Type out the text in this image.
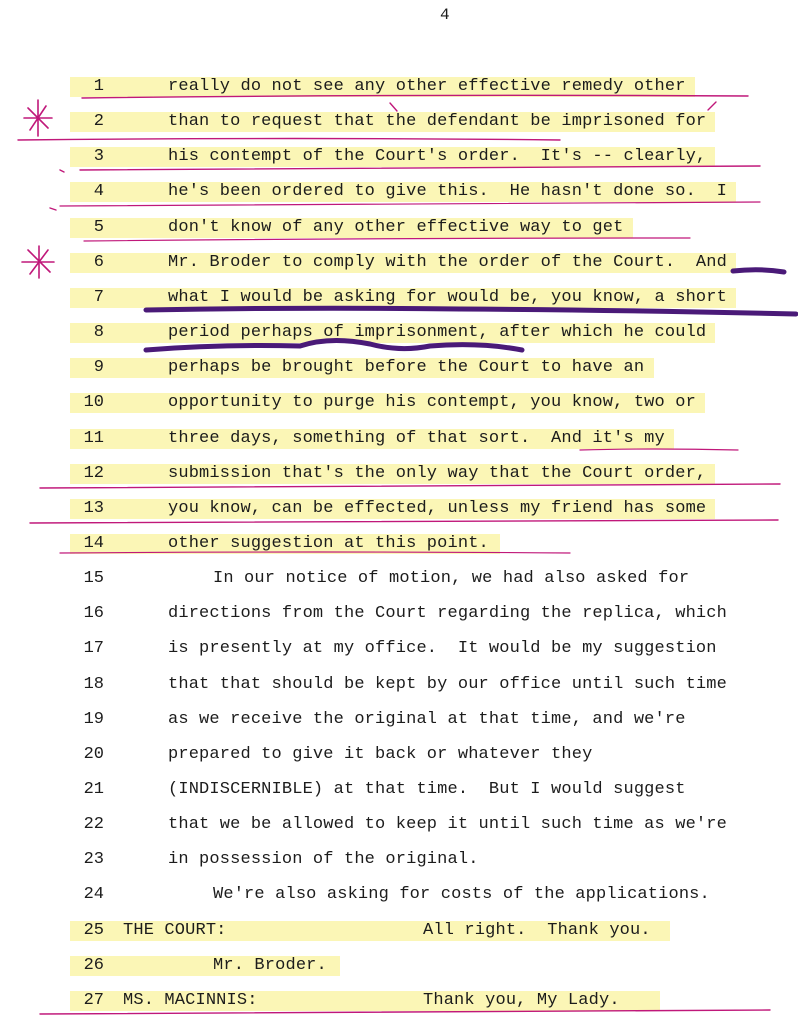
4
1	really do not see any other effective remedy other
2	than to request that the defendant be imprisoned for
3	his contempt of the Court's order.  It's -- clearly,
4	he's been ordered to give this.  He hasn't done so.  I
5	don't know of any other effective way to get
6	Mr. Broder to comply with the order of the Court.  And
7	what I would be asking for would be, you know, a short
8	period perhaps of imprisonment, after which he could
9	perhaps be brought before the Court to have an
10	opportunity to purge his contempt, you know, two or
11	three days, something of that sort.  And it's my
12	submission that's the only way that the Court order,
13	you know, can be effected, unless my friend has some
14	other suggestion at this point.
15	In our notice of motion, we had also asked for
16	directions from the Court regarding the replica, which
17	is presently at my office.  It would be my suggestion
18	that that should be kept by our office until such time
19	as we receive the original at that time, and we're
20	prepared to give it back or whatever they
21	(INDISCERNIBLE) at that time.  But I would suggest
22	that we be allowed to keep it until such time as we're
23	in possession of the original.
24	We're also asking for costs of the applications.
25 THE COURT:	All right.  Thank you.
26	Mr. Broder.
27 MS. MACINNIS:	Thank you, My Lady.
